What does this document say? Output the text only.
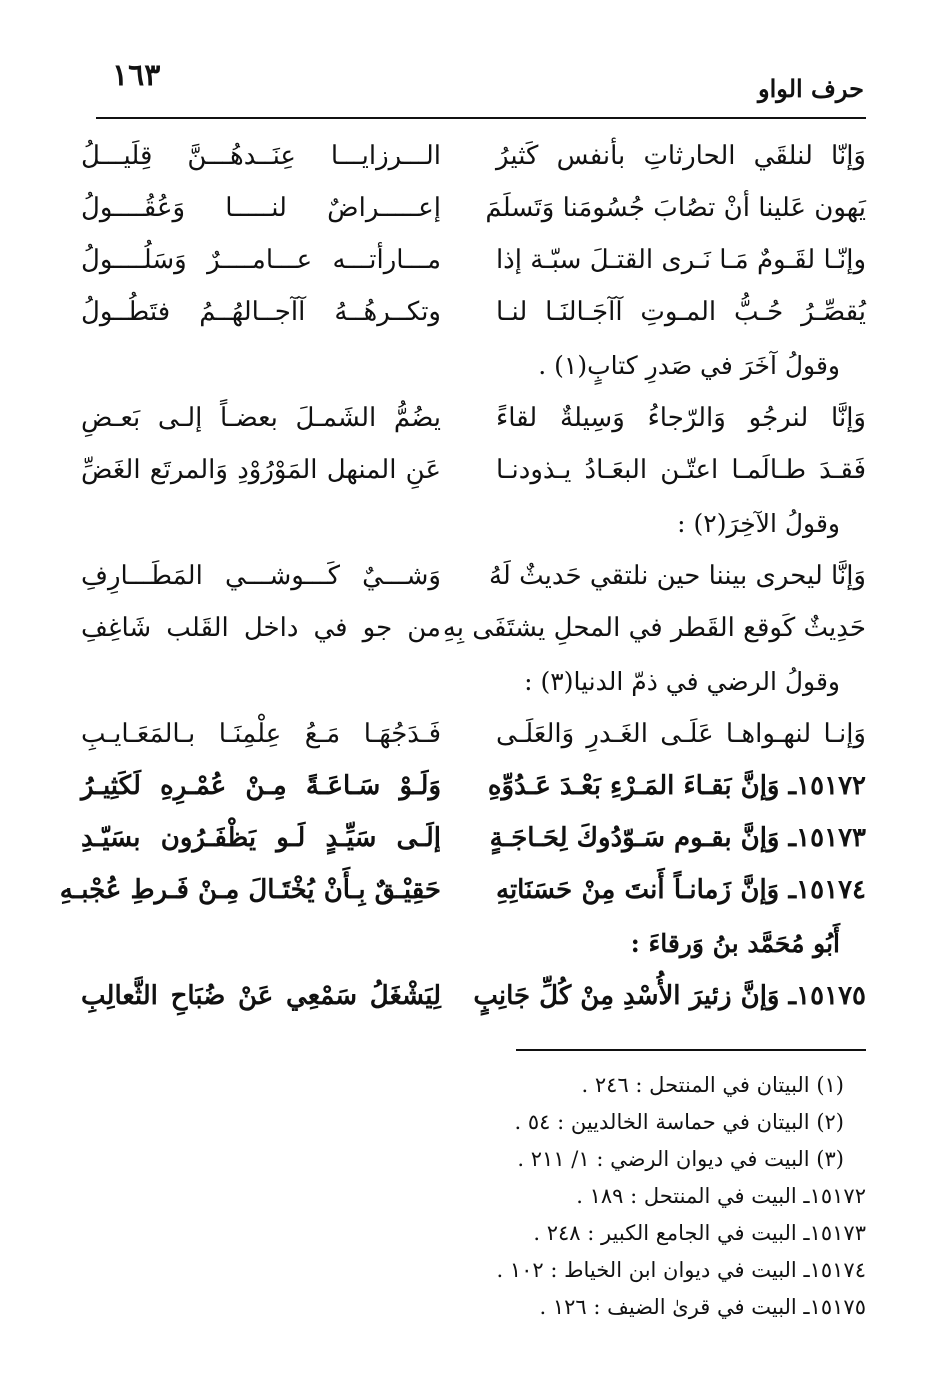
حرف الواو
١٦٣
وَإنّا لنلقَي الحارثاتِ بأنفس كَثيرُ
الـــرزايـــا عِنَــدهُـــنَّ قِلَيـــلُ
يَهون عَلينا أنْ تصُابَ جُسُومَنا وَتَسلَمَ
إعـــــراضٌ لنـــــا وَعُقُــــولُ
وإنّـا لقَـومٌ مَـا نَـرى القتـلَ سبّـة إذا
مـــارأتـــه عـــامــــرٌ وَسَلُــــولُ
يُقصِّـرُ حُـبُّ المـوتِ آآجَـالنَـا لنـا
وتكــرهُــهُ آآجــالهُــمُ فتَطُــولُ
وقولُ آخَرَ في صَدرِ كتابٍ(١) .
وَإنَّا لنرجُو وَالرّجاءُ وَسِيلةٌ لقاءً
يضُمُّ الشَمـلَ بعضـاً إلـى بَعـضِ
فَقـدَ طـالَمـا اعتّـن البعَـادُ يـذودنـا
عَنِ المنهل المَوْرُوْدِ وَالمرتَع الغَضِّ
وقولُ الآخِرَ(٢) :
وَإنَّا ليحرى بيننا حين نلتقي حَديثٌ لَهُ
وَشـــيٌ كَـــوشـــي المَطَـــارِفِ
حَدِيثٌ كَوقع القَطر في المحلِ يشتَفَى بِهِ
من جو في داخل القَلب شَاغِفِ
وقولُ الرضي في ذمّ الدنيا(٣) :
وَإنـا لنهـواهـا عَلَـى الغَـدرِ وَالعَلَـى
فَـدَجُهَـا مَـعُ عِلْمِنَـا بـالمَعَـايـبِ
١٥١٧٢ـ وَإنَّ بَقـاءَ المَـرْءِ بَعْـدَ عَـدُوِّهِ
وَلَـوْ سَـاعَـةً مِـنْ عُمْـرِهِ لَكَثِيـرُ
١٥١٧٣ـ وَإنَّ بقـوم سَـوّدُوكَ لِحَـاجَـةٍ
إلَـى سَيِّـدٍ لَـو يَظْفَـرُون بسَيّـدِ
١٥١٧٤ـ وَإنَّ زَمانـاً أَنتَ مِنْ حَسَنَاتِهِ
حَقِيْـقٌ بِـأَنْ يُخْتَـالَ مِـنْ فَـرطِ عُجْبـهِ
أَبُو مُحَمَّد بنُ وَرقاءَ :
١٥١٧٥ـ وَإنَّ زئيرَ الأُسْدِ مِنْ كُلِّ جَانِبٍ
لِيَشْغَلُ سَمْعِي عَنْ ضُبَاحِ الثَّعالِبِ
(١) البيتان في المنتحل : ٢٤٦ .
(٢) البيتان في حماسة الخالديين : ٥٤ .
(٣) البيت في ديوان الرضي : ١/ ٢١١ .
١٥١٧٢ـ البيت في المنتحل : ١٨٩ .
١٥١٧٣ـ البيت في الجامع الكبير : ٢٤٨ .
١٥١٧٤ـ البيت في ديوان ابن الخياط : ١٠٢ .
١٥١٧٥ـ البيت في قرىٰ الضيف : ١٢٦ .
